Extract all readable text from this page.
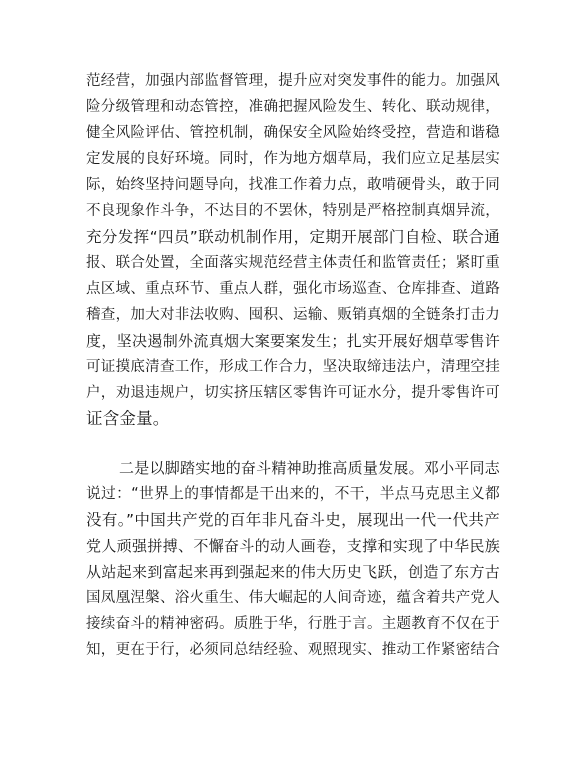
范经营，加强内部监督管理，提升应对突发事件的能力。加强风
险分级管理和动态管控，准确把握风险发生、转化、联动规律，
健全风险评估、管控机制，确保安全风险始终受控，营造和谐稳
定发展的良好环境。同时，作为地方烟草局，我们应立足基层实
际，始终坚持问题导向，找准工作着力点，敢啃硬骨头，敢于同
不良现象作斗争，不达目的不罢休，特别是严格控制真烟异流，
充分发挥“四员”联动机制作用，定期开展部门自检、联合通
报、联合处置，全面落实规范经营主体责任和监管责任；紧盯重
点区域、重点环节、重点人群，强化市场巡查、仓库排查、道路
稽查，加大对非法收购、囤积、运输、贩销真烟的全链条打击力
度，坚决遏制外流真烟大案要案发生；扎实开展好烟草零售许
可证摸底清查工作，形成工作合力，坚决取缔违法户，清理空挂
户，劝退违规户，切实挤压辖区零售许可证水分，提升零售许可
证含金量。
二是以脚踏实地的奋斗精神助推高质量发展。邓小平同志
说过：“世界上的事情都是干出来的，不干，半点马克思主义都
没有。”中国共产党的百年非凡奋斗史，展现出一代一代共产
党人顽强拼搏、不懈奋斗的动人画卷，支撑和实现了中华民族
从站起来到富起来再到强起来的伟大历史飞跃，创造了东方古
国凤凰涅槃、浴火重生、伟大崛起的人间奇迹，蕴含着共产党人
接续奋斗的精神密码。质胜于华，行胜于言。主题教育不仅在于
知，更在于行，必须同总结经验、观照现实、推动工作紧密结合
